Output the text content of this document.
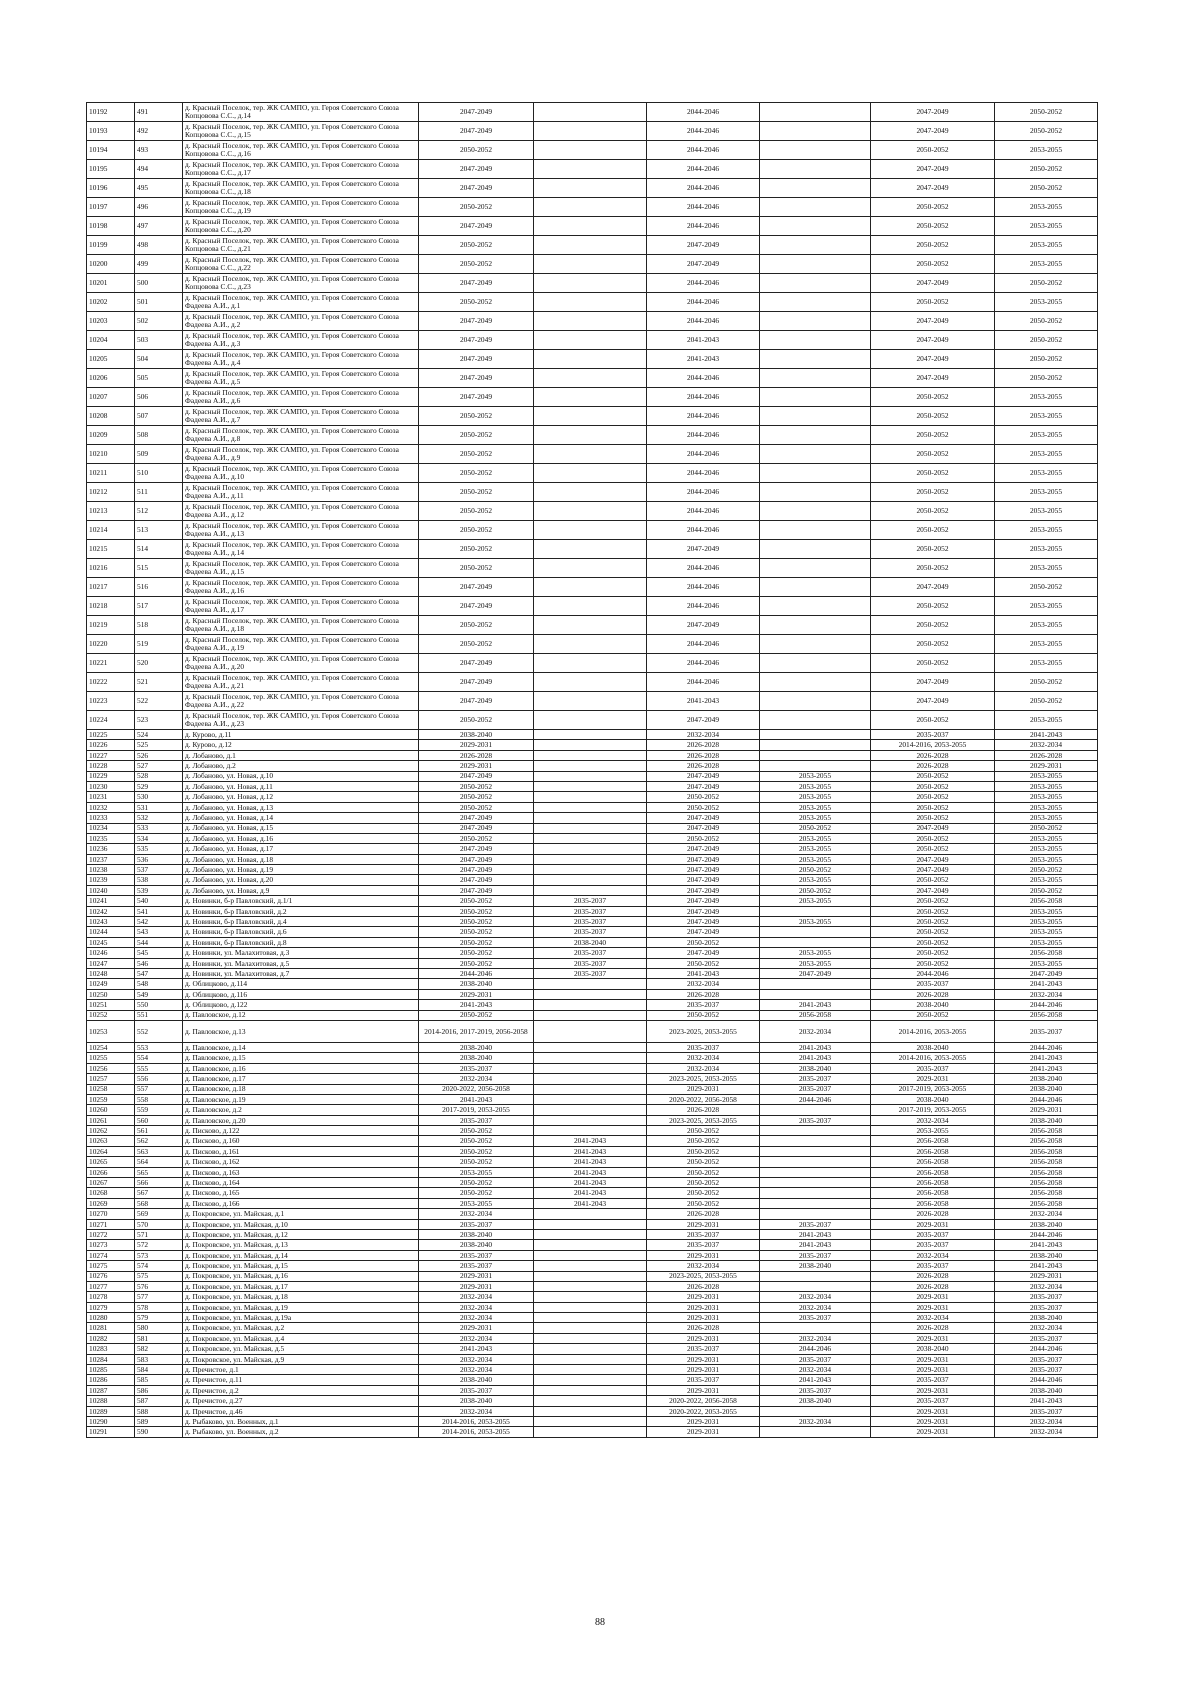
10192	491	д. Красный Поселок, тер. ЖК САМПО, ул. Героя Советского Союза Копцовова С.С., д.14	2047-2049		2044-2046		2047-2049	2050-2052
10193	492	д. Красный Поселок, тер. ЖК САМПО, ул. Героя Советского Союза Копцовова С.С., д.15	2047-2049		2044-2046		2047-2049	2050-2052
10194	493	д. Красный Поселок, тер. ЖК САМПО, ул. Героя Советского Союза Копцовова С.С., д.16	2050-2052		2044-2046		2050-2052	2053-2055
10195	494	д. Красный Поселок, тер. ЖК САМПО, ул. Героя Советского Союза Копцовова С.С., д.17	2047-2049		2044-2046		2047-2049	2050-2052
10196	495	д. Красный Поселок, тер. ЖК САМПО, ул. Героя Советского Союза Копцовова С.С., д.18	2047-2049		2044-2046		2047-2049	2050-2052
10197	496	д. Красный Поселок, тер. ЖК САМПО, ул. Героя Советского Союза Копцовова С.С., д.19	2050-2052		2044-2046		2050-2052	2053-2055
10198	497	д. Красный Поселок, тер. ЖК САМПО, ул. Героя Советского Союза Копцовова С.С., д.20	2047-2049		2044-2046		2050-2052	2053-2055
10199	498	д. Красный Поселок, тер. ЖК САМПО, ул. Героя Советского Союза Копцовова С.С., д.21	2050-2052		2047-2049		2050-2052	2053-2055
10200	499	д. Красный Поселок, тер. ЖК САМПО, ул. Героя Советского Союза Копцовова С.С., д.22	2050-2052		2047-2049		2050-2052	2053-2055
10201	500	д. Красный Поселок, тер. ЖК САМПО, ул. Героя Советского Союза Копцовова С.С., д.23	2047-2049		2044-2046		2047-2049	2050-2052
10202	501	д. Красный Поселок, тер. ЖК САМПО, ул. Героя Советского Союза Фадеева А.И., д.1	2050-2052		2044-2046		2050-2052	2053-2055
10203	502	д. Красный Поселок, тер. ЖК САМПО, ул. Героя Советского Союза Фадеева А.И., д.2	2047-2049		2044-2046		2047-2049	2050-2052
10204	503	д. Красный Поселок, тер. ЖК САМПО, ул. Героя Советского Союза Фадеева А.И., д.3	2047-2049		2041-2043		2047-2049	2050-2052
10205	504	д. Красный Поселок, тер. ЖК САМПО, ул. Героя Советского Союза Фадеева А.И., д.4	2047-2049		2041-2043		2047-2049	2050-2052
10206	505	д. Красный Поселок, тер. ЖК САМПО, ул. Героя Советского Союза Фадеева А.И., д.5	2047-2049		2044-2046		2047-2049	2050-2052
10207	506	д. Красный Поселок, тер. ЖК САМПО, ул. Героя Советского Союза Фадеева А.И., д.6	2047-2049		2044-2046		2050-2052	2053-2055
10208	507	д. Красный Поселок, тер. ЖК САМПО, ул. Героя Советского Союза Фадеева А.И., д.7	2050-2052		2044-2046		2050-2052	2053-2055
10209	508	д. Красный Поселок, тер. ЖК САМПО, ул. Героя Советского Союза Фадеева А.И., д.8	2050-2052		2044-2046		2050-2052	2053-2055
10210	509	д. Красный Поселок, тер. ЖК САМПО, ул. Героя Советского Союза Фадеева А.И., д.9	2050-2052		2044-2046		2050-2052	2053-2055
10211	510	д. Красный Поселок, тер. ЖК САМПО, ул. Героя Советского Союза Фадеева А.И., д.10	2050-2052		2044-2046		2050-2052	2053-2055
10212	511	д. Красный Поселок, тер. ЖК САМПО, ул. Героя Советского Союза Фадеева А.И., д.11	2050-2052		2044-2046		2050-2052	2053-2055
10213	512	д. Красный Поселок, тер. ЖК САМПО, ул. Героя Советского Союза Фадеева А.И., д.12	2050-2052		2044-2046		2050-2052	2053-2055
10214	513	д. Красный Поселок, тер. ЖК САМПО, ул. Героя Советского Союза Фадеева А.И., д.13	2050-2052		2044-2046		2050-2052	2053-2055
10215	514	д. Красный Поселок, тер. ЖК САМПО, ул. Героя Советского Союза Фадеева А.И., д.14	2050-2052		2047-2049		2050-2052	2053-2055
10216	515	д. Красный Поселок, тер. ЖК САМПО, ул. Героя Советского Союза Фадеева А.И., д.15	2050-2052		2044-2046		2050-2052	2053-2055
10217	516	д. Красный Поселок, тер. ЖК САМПО, ул. Героя Советского Союза Фадеева А.И., д.16	2047-2049		2044-2046		2047-2049	2050-2052
10218	517	д. Красный Поселок, тер. ЖК САМПО, ул. Героя Советского Союза Фадеева А.И., д.17	2047-2049		2044-2046		2050-2052	2053-2055
10219	518	д. Красный Поселок, тер. ЖК САМПО, ул. Героя Советского Союза Фадеева А.И., д.18	2050-2052		2047-2049		2050-2052	2053-2055
10220	519	д. Красный Поселок, тер. ЖК САМПО, ул. Героя Советского Союза Фадеева А.И., д.19	2050-2052		2044-2046		2050-2052	2053-2055
10221	520	д. Красный Поселок, тер. ЖК САМПО, ул. Героя Советского Союза Фадеева А.И., д.20	2047-2049		2044-2046		2050-2052	2053-2055
10222	521	д. Красный Поселок, тер. ЖК САМПО, ул. Героя Советского Союза Фадеева А.И., д.21	2047-2049		2044-2046		2047-2049	2050-2052
10223	522	д. Красный Поселок, тер. ЖК САМПО, ул. Героя Советского Союза Фадеева А.И., д.22	2047-2049		2041-2043		2047-2049	2050-2052
10224	523	д. Красный Поселок, тер. ЖК САМПО, ул. Героя Советского Союза Фадеева А.И., д.23	2050-2052		2047-2049		2050-2052	2053-2055
10225	524	д. Курово, д.11	2038-2040		2032-2034		2035-2037	2041-2043
10226	525	д. Курово, д.12	2029-2031		2026-2028		2014-2016, 2053-2055	2032-2034
10227	526	д. Лобаново, д.1	2026-2028		2026-2028		2026-2028	2026-2028
10228	527	д. Лобаново, д.2	2029-2031		2026-2028		2026-2028	2029-2031
10229	528	д. Лобаново, ул. Новая, д.10	2047-2049		2047-2049	2053-2055	2050-2052	2053-2055
10230	529	д. Лобаново, ул. Новая, д.11	2050-2052		2047-2049	2053-2055	2050-2052	2053-2055
10231	530	д. Лобаново, ул. Новая, д.12	2050-2052		2050-2052	2053-2055	2050-2052	2053-2055
10232	531	д. Лобаново, ул. Новая, д.13	2050-2052		2050-2052	2053-2055	2050-2052	2053-2055
10233	532	д. Лобаново, ул. Новая, д.14	2047-2049		2047-2049	2053-2055	2050-2052	2053-2055
10234	533	д. Лобаново, ул. Новая, д.15	2047-2049		2047-2049	2050-2052	2047-2049	2050-2052
10235	534	д. Лобаново, ул. Новая, д.16	2050-2052		2050-2052	2053-2055	2050-2052	2053-2055
10236	535	д. Лобаново, ул. Новая, д.17	2047-2049		2047-2049	2053-2055	2050-2052	2053-2055
10237	536	д. Лобаново, ул. Новая, д.18	2047-2049		2047-2049	2053-2055	2047-2049	2053-2055
10238	537	д. Лобаново, ул. Новая, д.19	2047-2049		2047-2049	2050-2052	2047-2049	2050-2052
10239	538	д. Лобаново, ул. Новая, д.20	2047-2049		2047-2049	2053-2055	2050-2052	2053-2055
10240	539	д. Лобаново, ул. Новая, д.9	2047-2049		2047-2049	2050-2052	2047-2049	2050-2052
10241	540	д. Новинки, б-р Павловский, д.1/1	2050-2052	2035-2037	2047-2049	2053-2055	2050-2052	2056-2058
10242	541	д. Новинки, б-р Павловский, д.2	2050-2052	2035-2037	2047-2049		2050-2052	2053-2055
10243	542	д. Новинки, б-р Павловский, д.4	2050-2052	2035-2037	2047-2049	2053-2055	2050-2052	2053-2055
10244	543	д. Новинки, б-р Павловский, д.6	2050-2052	2035-2037	2047-2049		2050-2052	2053-2055
10245	544	д. Новинки, б-р Павловский, д.8	2050-2052	2038-2040	2050-2052		2050-2052	2053-2055
10246	545	д. Новинки, ул. Малахитовая, д.3	2050-2052	2035-2037	2047-2049	2053-2055	2050-2052	2056-2058
10247	546	д. Новинки, ул. Малахитовая, д.5	2050-2052	2035-2037	2050-2052	2053-2055	2050-2052	2053-2055
10248	547	д. Новинки, ул. Малахитовая, д.7	2044-2046	2035-2037	2041-2043	2047-2049	2044-2046	2047-2049
10249	548	д. Облицково, д.114	2038-2040		2032-2034		2035-2037	2041-2043
10250	549	д. Облицково, д.116	2029-2031		2026-2028		2026-2028	2032-2034
10251	550	д. Облицково, д.122	2041-2043		2035-2037	2041-2043	2038-2040	2044-2046
10252	551	д. Павловское, д.12	2050-2052		2050-2052	2056-2058	2050-2052	2056-2058
10253	552	д. Павловское, д.13	2014-2016, 2017-2019, 2056-2058		2023-2025, 2053-2055	2032-2034	2014-2016, 2053-2055	2035-2037
10254	553	д. Павловское, д.14	2038-2040		2035-2037	2041-2043	2038-2040	2044-2046
10255	554	д. Павловское, д.15	2038-2040		2032-2034	2041-2043	2014-2016, 2053-2055	2041-2043
10256	555	д. Павловское, д.16	2035-2037		2032-2034	2038-2040	2035-2037	2041-2043
10257	556	д. Павловское, д.17	2032-2034		2023-2025, 2053-2055	2035-2037	2029-2031	2038-2040
10258	557	д. Павловское, д.18	2020-2022, 2056-2058		2029-2031	2035-2037	2017-2019, 2053-2055	2038-2040
10259	558	д. Павловское, д.19	2041-2043		2020-2022, 2056-2058	2044-2046	2038-2040	2044-2046
10260	559	д. Павловское, д.2	2017-2019, 2053-2055		2026-2028		2017-2019, 2053-2055	2029-2031
10261	560	д. Павловское, д.20	2035-2037		2023-2025, 2053-2055	2035-2037	2032-2034	2038-2040
10262	561	д. Писково, д.122	2050-2052		2050-2052		2053-2055	2056-2058
10263	562	д. Писково, д.160	2050-2052	2041-2043	2050-2052		2056-2058	2056-2058
10264	563	д. Писково, д.161	2050-2052	2041-2043	2050-2052		2056-2058	2056-2058
10265	564	д. Писково, д.162	2050-2052	2041-2043	2050-2052		2056-2058	2056-2058
10266	565	д. Писково, д.163	2053-2055	2041-2043	2050-2052		2056-2058	2056-2058
10267	566	д. Писково, д.164	2050-2052	2041-2043	2050-2052		2056-2058	2056-2058
10268	567	д. Писково, д.165	2050-2052	2041-2043	2050-2052		2056-2058	2056-2058
10269	568	д. Писково, д.166	2053-2055	2041-2043	2050-2052		2056-2058	2056-2058
10270	569	д. Покровское, ул. Майская, д.1	2032-2034		2026-2028		2026-2028	2032-2034
10271	570	д. Покровское, ул. Майская, д.10	2035-2037		2029-2031	2035-2037	2029-2031	2038-2040
10272	571	д. Покровское, ул. Майская, д.12	2038-2040		2035-2037	2041-2043	2035-2037	2044-2046
10273	572	д. Покровское, ул. Майская, д.13	2038-2040		2035-2037	2041-2043	2035-2037	2041-2043
10274	573	д. Покровское, ул. Майская, д.14	2035-2037		2029-2031	2035-2037	2032-2034	2038-2040
10275	574	д. Покровское, ул. Майская, д.15	2035-2037		2032-2034	2038-2040	2035-2037	2041-2043
10276	575	д. Покровское, ул. Майская, д.16	2029-2031		2023-2025, 2053-2055		2026-2028	2029-2031
10277	576	д. Покровское, ул. Майская, д.17	2029-2031		2026-2028		2026-2028	2032-2034
10278	577	д. Покровское, ул. Майская, д.18	2032-2034		2029-2031	2032-2034	2029-2031	2035-2037
10279	578	д. Покровское, ул. Майская, д.19	2032-2034		2029-2031	2032-2034	2029-2031	2035-2037
10280	579	д. Покровское, ул. Майская, д.19а	2032-2034		2029-2031	2035-2037	2032-2034	2038-2040
10281	580	д. Покровское, ул. Майская, д.2	2029-2031		2026-2028		2026-2028	2032-2034
10282	581	д. Покровское, ул. Майская, д.4	2032-2034		2029-2031	2032-2034	2029-2031	2035-2037
10283	582	д. Покровское, ул. Майская, д.5	2041-2043		2035-2037	2044-2046	2038-2040	2044-2046
10284	583	д. Покровское, ул. Майская, д.9	2032-2034		2029-2031	2035-2037	2029-2031	2035-2037
10285	584	д. Пречистое, д.1	2032-2034		2029-2031	2032-2034	2029-2031	2035-2037
10286	585	д. Пречистое, д.11	2038-2040		2035-2037	2041-2043	2035-2037	2044-2046
10287	586	д. Пречистое, д.2	2035-2037		2029-2031	2035-2037	2029-2031	2038-2040
10288	587	д. Пречистое, д.27	2038-2040		2020-2022, 2056-2058	2038-2040	2035-2037	2041-2043
10289	588	д. Пречистое, д.46	2032-2034		2020-2022, 2053-2055		2029-2031	2035-2037
10290	589	д. Рыбаково, ул. Военных, д.1	2014-2016, 2053-2055		2029-2031	2032-2034	2029-2031	2032-2034
10291	590	д. Рыбаково, ул. Военных, д.2	2014-2016, 2053-2055		2029-2031		2029-2031	2032-2034
88
